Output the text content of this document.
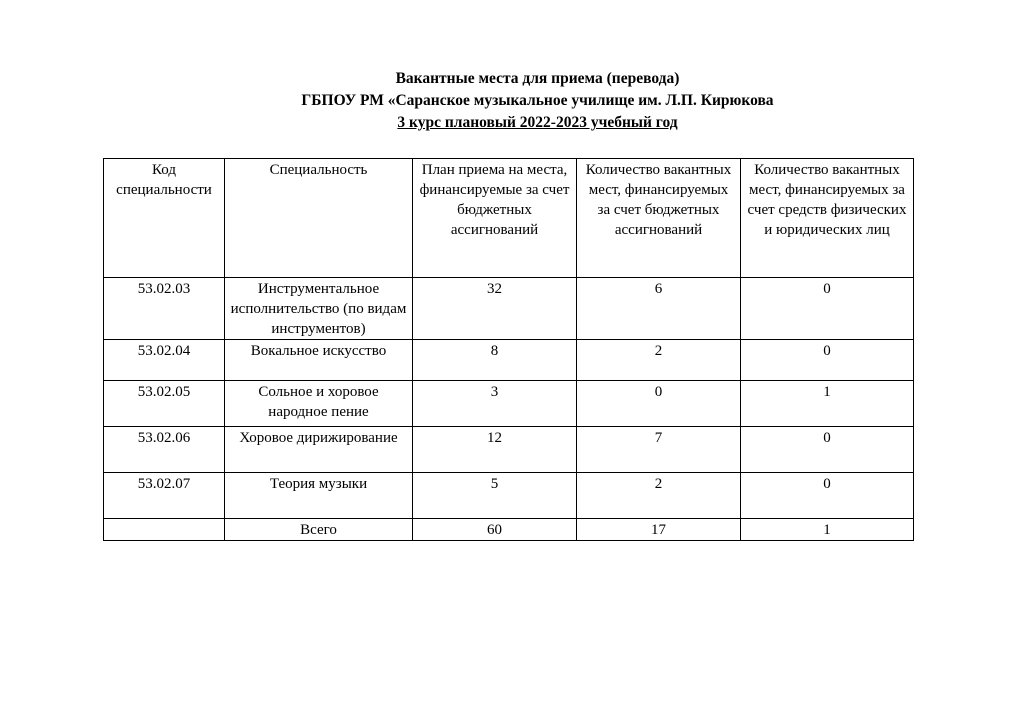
Вакантные места для приема (перевода)
ГБПОУ РМ «Саранское музыкальное училище им. Л.П. Кирюкова
3 курс плановый 2022-2023 учебный год
Код специальности	Специальность	План приема на места, финансируемые за счет бюджетных ассигнований	Количество вакантных мест, финансируемых за счет бюджетных ассигнований	Количество вакантных мест, финансируемых за счет средств физических и юридических лиц
53.02.03	Инструментальное исполнительство (по видам инструментов)	32	6	0
53.02.04	Вокальное искусство	8	2	0
53.02.05	Сольное и хоровое народное пение	3	0	1
53.02.06	Хоровое дирижирование	12	7	0
53.02.07	Теория музыки	5	2	0
	Всего	60	17	1
